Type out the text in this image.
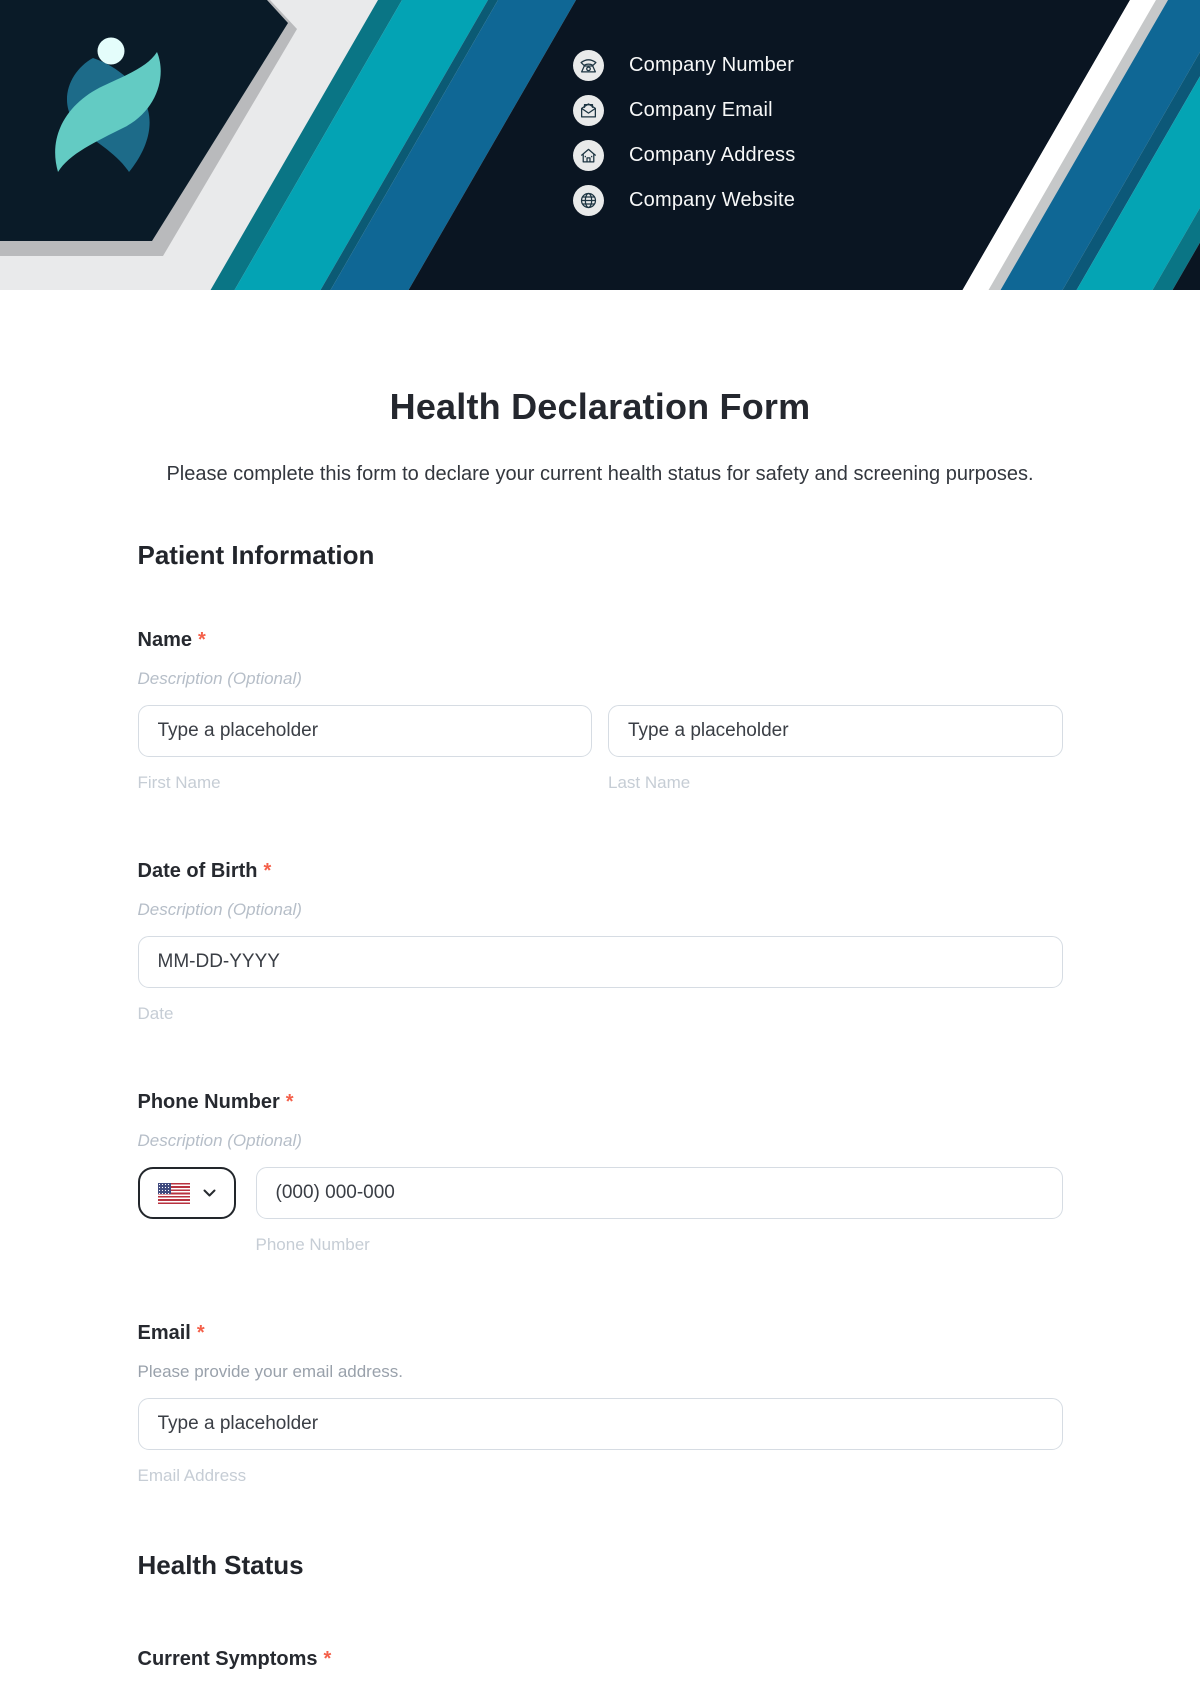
Company Number
Company Email
Company Address
Company Website
Health Declaration Form

Please complete this form to declare your current health status for safety and screening purposes.

Patient Information
Name *
Description (Optional)
Type a placeholder
Type a placeholder
First Name	Last Name
Date of Birth *
Description (Optional)
MM-DD-YYYY
Date
Phone Number *
Description (Optional)
(000) 000-000
Phone Number
Email *
Please provide your email address.
Type a placeholder
Email Address
Health Status
Current Symptoms *
